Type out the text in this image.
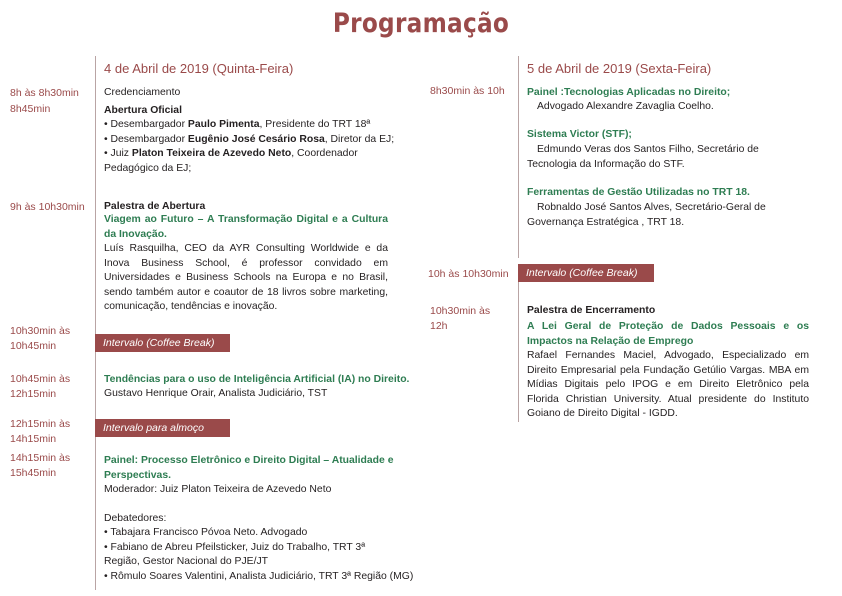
Programação
4 de Abril de 2019 (Quinta-Feira)
8h às 8h30min
8h45min
Credenciamento
Abertura Oficial
• Desembargador Paulo Pimenta, Presidente do TRT 18ª
• Desembargador Eugênio José Cesário Rosa, Diretor da EJ;
• Juiz Platon Teixeira de Azevedo Neto, Coordenador Pedagógico da EJ;
9h às 10h30min Palestra de Abertura
Viagem ao Futuro – A Transformação Digital e a Cultura da Inovação.
Luís Rasquilha, CEO da AYR Consulting Worldwide e da Inova Business School, é professor convidado em Universidades e Business Schools na Europa e no Brasil, sendo também autor e coautor de 18 livros sobre marketing, comunicação, tendências e inovação.
10h30min às 10h45min	Intervalo (Coffee Break)
10h45min às 12h15min
Tendências para o uso de Inteligência Artificial (IA) no Direito.
Gustavo Henrique Orair, Analista Judiciário, TST
12h15min às 14h15min
Intervalo para almoço
14h15min às 15h45min
Painel: Processo Eletrônico e Direito Digital – Atualidade e Perspectivas.
Moderador: Juiz Platon Teixeira de Azevedo Neto
Debatedores:
• Tabajara Francisco Póvoa Neto. Advogado
• Fabiano de Abreu Pfeilsticker, Juiz do Trabalho, TRT 3ª Região, Gestor Nacional do PJE/JT
• Rômulo Soares Valentini, Analista Judiciário, TRT 3ª Região (MG)
5 de Abril de 2019 (Sexta-Feira)
8h30min às 10h Painel :Tecnologias Aplicadas no Direito;
Advogado Alexandre Zavaglia Coelho.
Sistema Victor (STF);
Edmundo Veras dos Santos Filho, Secretário de Tecnologia da Informação do STF.
Ferramentas de Gestão Utilizadas no TRT 18.
Robnaldo José Santos Alves, Secretário-Geral de Governança Estratégica , TRT 18.
10h às 10h30min	Intervalo (Coffee Break)
10h30min às 12h
Palestra de Encerramento
A Lei Geral de Proteção de Dados Pessoais e os Impactos na Relação de Emprego
Rafael Fernandes Maciel, Advogado, Especializado em Direito Empresarial pela Fundação Getúlio Vargas. MBA em Mídias Digitais pelo IPOG e em Direito Eletrônico pela Florida Christian University. Atual presidente do Instituto Goiano de Direito Digital - IGDD.
